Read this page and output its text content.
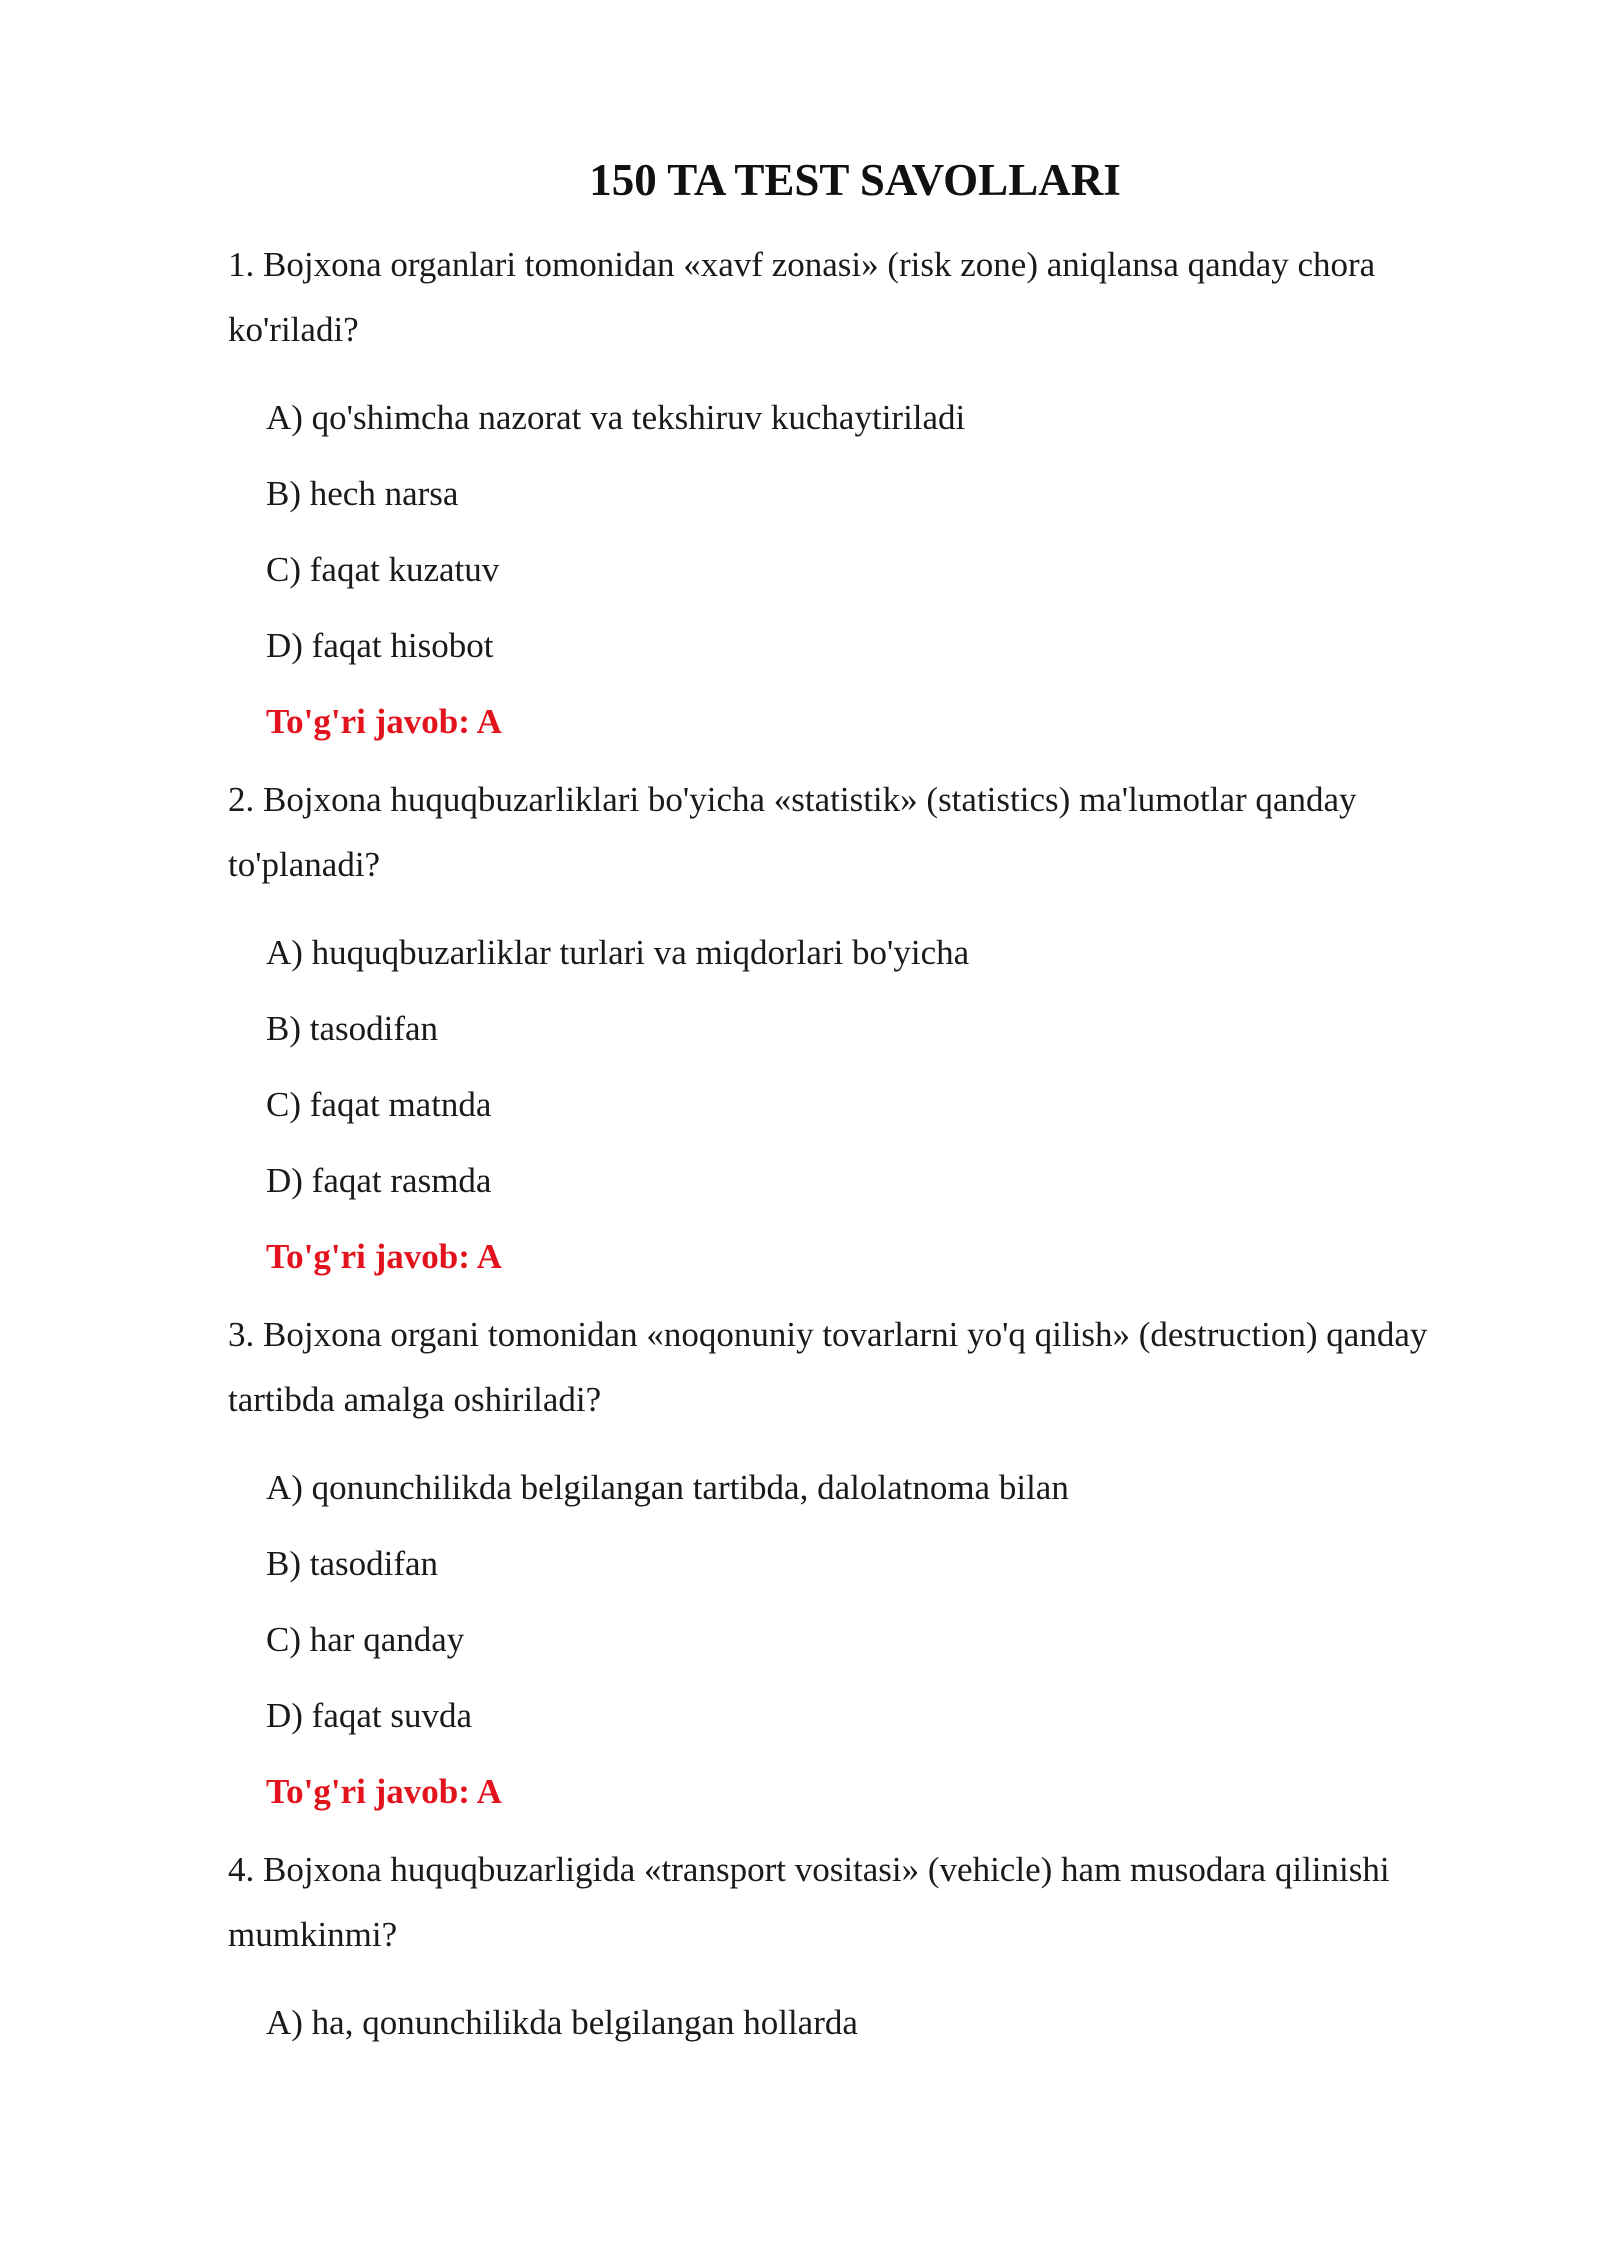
150 TA TEST SAVOLLARI

1. Bojxona organlari tomonidan «xavf zonasi» (risk zone) aniqlansa qanday chora ko'riladi?

A) qo'shimcha nazorat va tekshiruv kuchaytiriladi

B) hech narsa

C) faqat kuzatuv

D) faqat hisobot

To'g'ri javob: A

2. Bojxona huquqbuzarliklari bo'yicha «statistik» (statistics) ma'lumotlar qanday to'planadi?

A) huquqbuzarliklar turlari va miqdorlari bo'yicha

B) tasodifan

C) faqat matnda

D) faqat rasmda

To'g'ri javob: A

3. Bojxona organi tomonidan «noqonuniy tovarlarni yo'q qilish» (destruction) qanday tartibda amalga oshiriladi?

A) qonunchilikda belgilangan tartibda, dalolatnoma bilan

B) tasodifan

C) har qanday

D) faqat suvda

To'g'ri javob: A

4. Bojxona huquqbuzarligida «transport vositasi» (vehicle) ham musodara qilinishi mumkinmi?

A) ha, qonunchilikda belgilangan hollarda
